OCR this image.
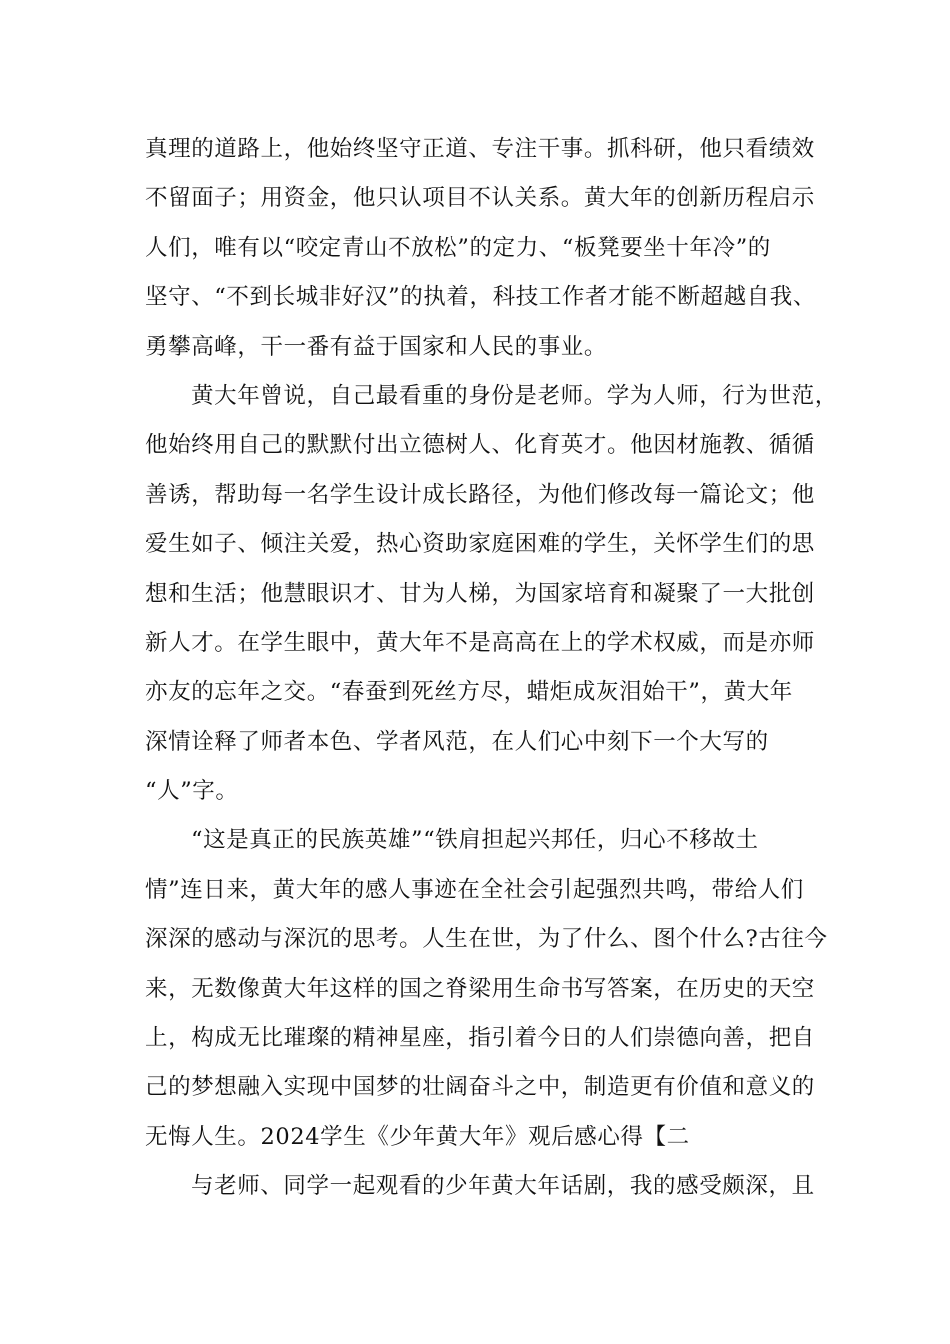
真理的道路上，他始终坚守正道、专注干事。抓科研，他只看绩效
不留面子；用资金，他只认项目不认关系。黄大年的创新历程启示
人们，唯有以“咬定青山不放松”的定力、“板凳要坐十年冷”的
坚守、“不到长城非好汉”的执着，科技工作者才能不断超越自我、
勇攀高峰，干一番有益于国家和人民的事业。
黄大年曾说，自己最看重的身份是老师。学为人师，行为世范，
他始终用自己的默默付出立德树人、化育英才。他因材施教、循循
善诱，帮助每一名学生设计成长路径，为他们修改每一篇论文；他
爱生如子、倾注关爱，热心资助家庭困难的学生，关怀学生们的思
想和生活；他慧眼识才、甘为人梯，为国家培育和凝聚了一大批创
新人才。在学生眼中，黄大年不是高高在上的学术权威，而是亦师
亦友的忘年之交。“春蚕到死丝方尽，蜡炬成灰泪始干”，黄大年
深情诠释了师者本色、学者风范，在人们心中刻下一个大写的
“人”字。
“这是真正的民族英雄”“铁肩担起兴邦任，归心不移故土
情”连日来，黄大年的感人事迹在全社会引起强烈共鸣，带给人们
深深的感动与深沉的思考。人生在世，为了什么、图个什么?古往今
来，无数像黄大年这样的国之脊梁用生命书写答案，在历史的天空
上，构成无比璀璨的精神星座，指引着今日的人们崇德向善，把自
己的梦想融入实现中国梦的壮阔奋斗之中，制造更有价值和意义的
无悔人生。2024学生《少年黄大年》观后感心得【二
与老师、同学一起观看的少年黄大年话剧，我的感受颇深，且
